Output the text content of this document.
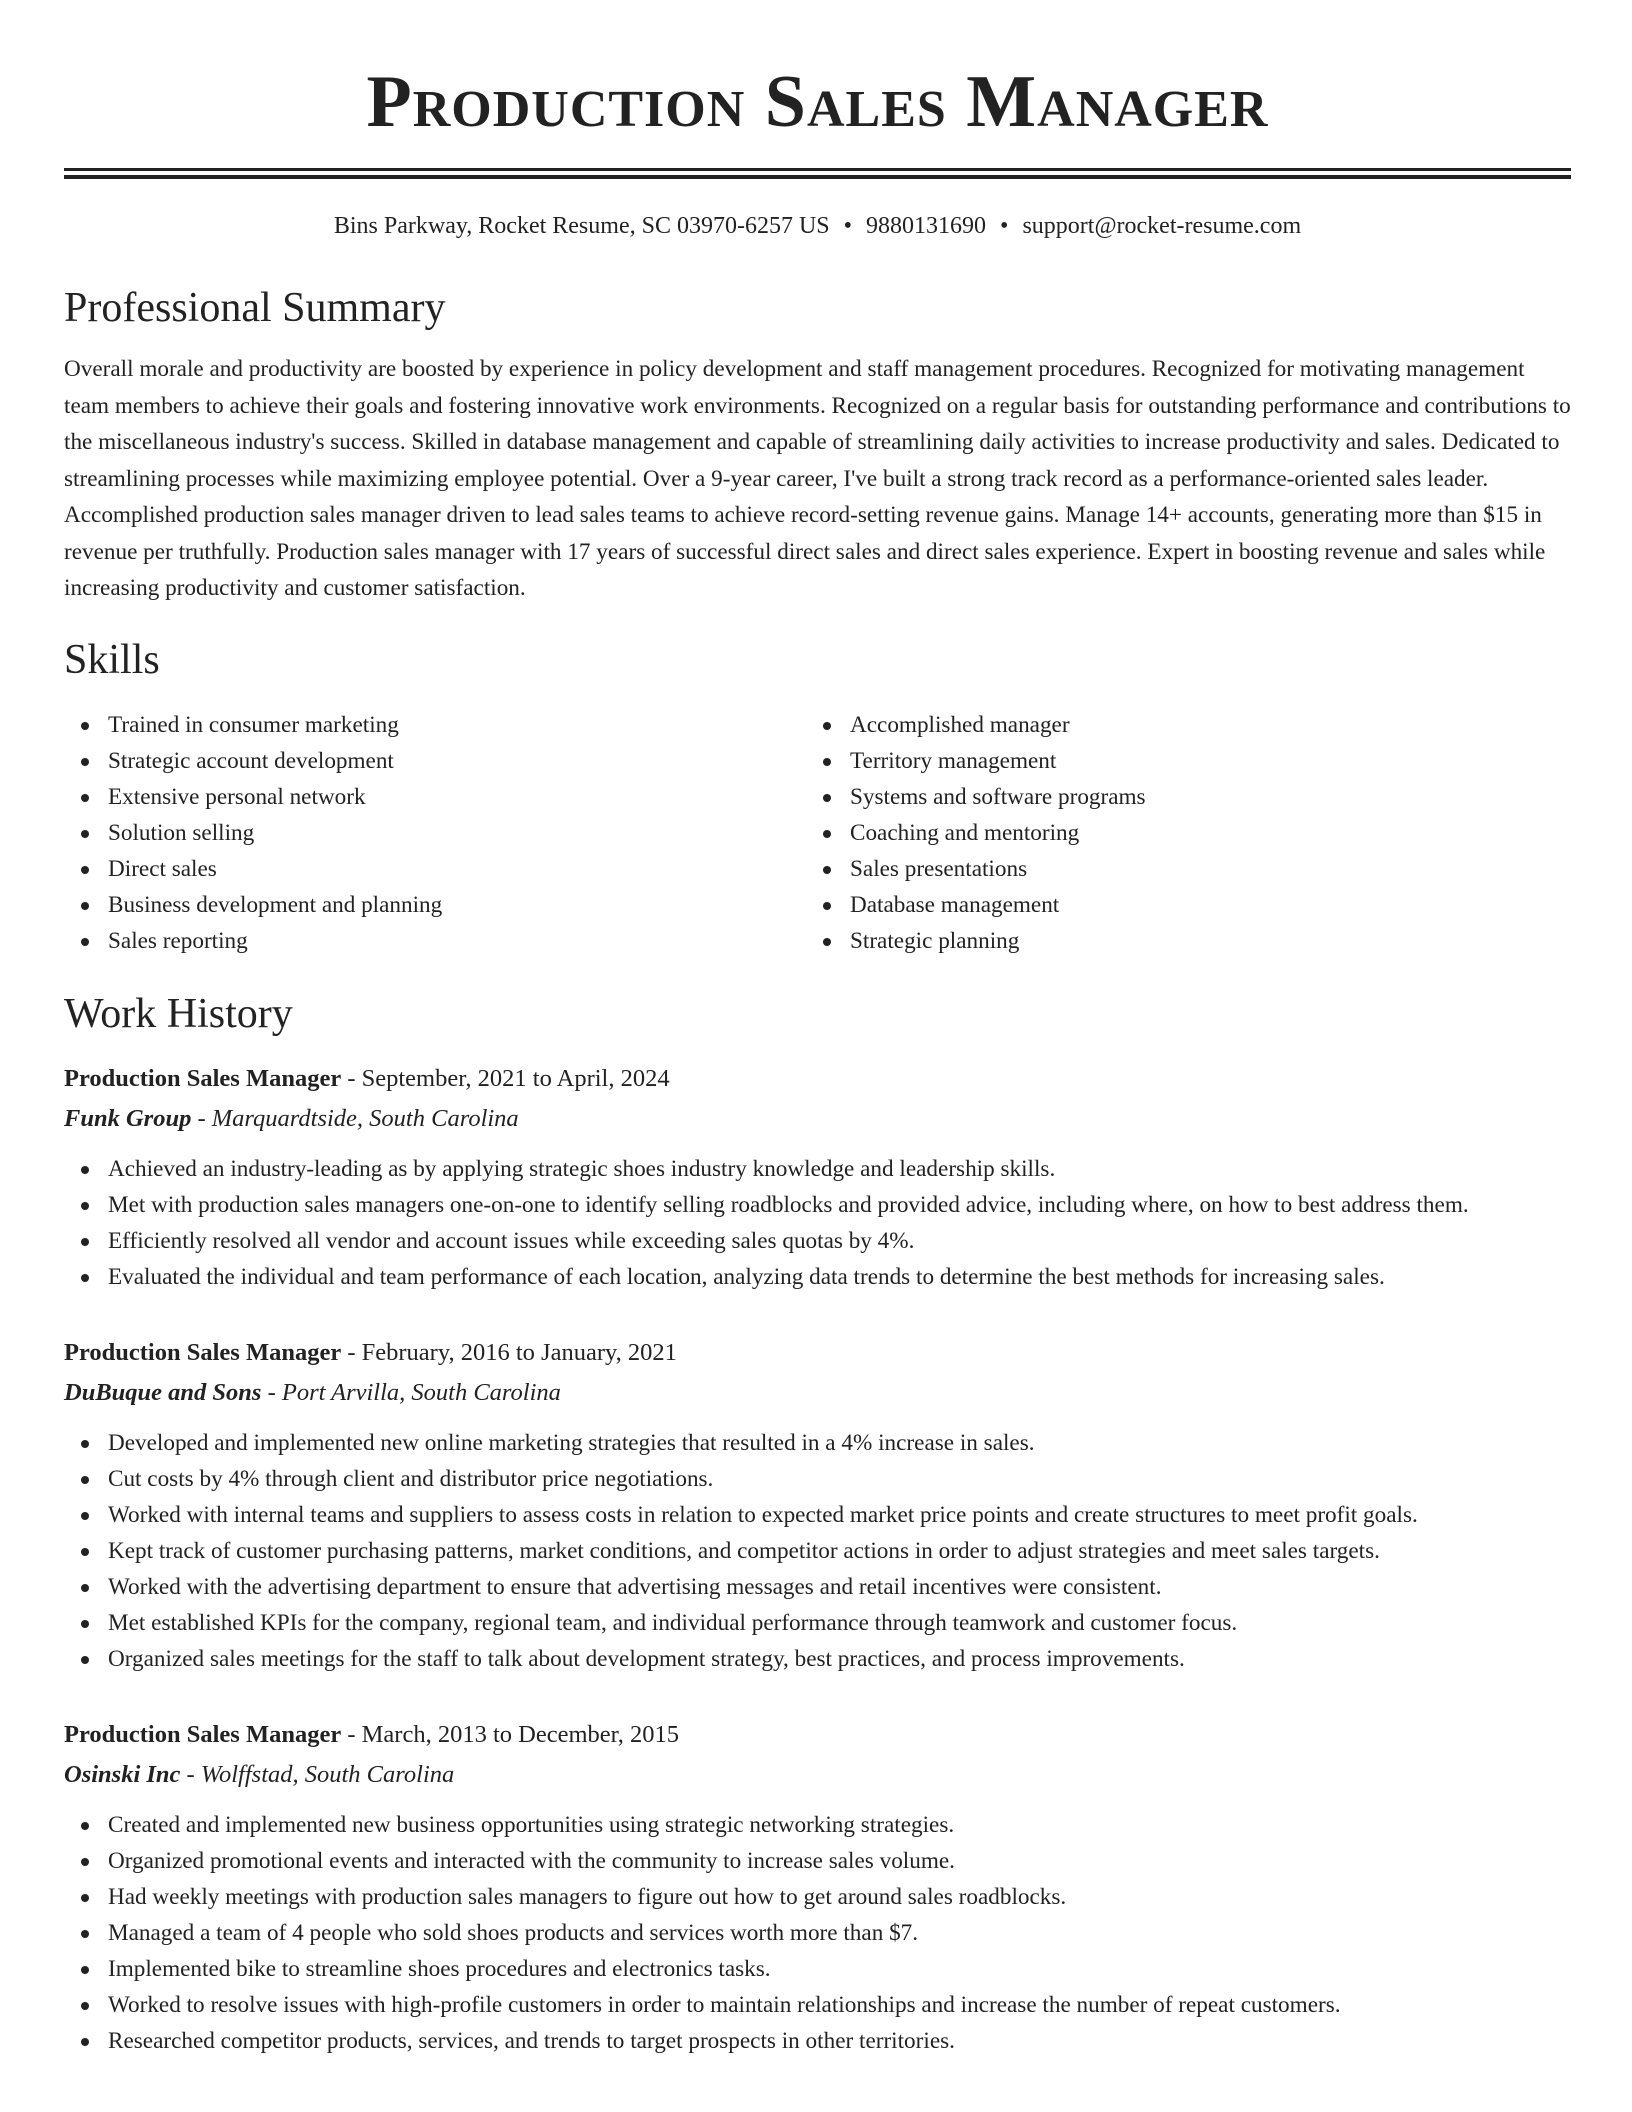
Production Sales Manager
Bins Parkway, Rocket Resume, SC 03970-6257 US • 9880131690 • support@rocket-resume.com
Professional Summary

Overall morale and productivity are boosted by experience in policy development and staff management procedures. Recognized for motivating management team members to achieve their goals and fostering innovative work environments. Recognized on a regular basis for outstanding performance and contributions to the miscellaneous industry's success. Skilled in database management and capable of streamlining daily activities to increase productivity and sales. Dedicated to streamlining processes while maximizing employee potential. Over a 9-year career, I've built a strong track record as a performance-oriented sales leader. Accomplished production sales manager driven to lead sales teams to achieve record-setting revenue gains. Manage 14+ accounts, generating more than $15 in revenue per truthfully. Production sales manager with 17 years of successful direct sales and direct sales experience. Expert in boosting revenue and sales while increasing productivity and customer satisfaction.

Skills
Trained in consumer marketing
Strategic account development
Extensive personal network
Solution selling
Direct sales
Business development and planning
Sales reporting
Accomplished manager
Territory management
Systems and software programs
Coaching and mentoring
Sales presentations
Database management
Strategic planning
Work History
Production Sales Manager - September, 2021 to April, 2024
Funk Group - Marquardtside, South Carolina
Achieved an industry-leading as by applying strategic shoes industry knowledge and leadership skills.
Met with production sales managers one-on-one to identify selling roadblocks and provided advice, including where, on how to best address them.
Efficiently resolved all vendor and account issues while exceeding sales quotas by 4%.
Evaluated the individual and team performance of each location, analyzing data trends to determine the best methods for increasing sales.
Production Sales Manager - February, 2016 to January, 2021
DuBuque and Sons - Port Arvilla, South Carolina
Developed and implemented new online marketing strategies that resulted in a 4% increase in sales.
Cut costs by 4% through client and distributor price negotiations.
Worked with internal teams and suppliers to assess costs in relation to expected market price points and create structures to meet profit goals.
Kept track of customer purchasing patterns, market conditions, and competitor actions in order to adjust strategies and meet sales targets.
Worked with the advertising department to ensure that advertising messages and retail incentives were consistent.
Met established KPIs for the company, regional team, and individual performance through teamwork and customer focus.
Organized sales meetings for the staff to talk about development strategy, best practices, and process improvements.
Production Sales Manager - March, 2013 to December, 2015
Osinski Inc - Wolffstad, South Carolina
Created and implemented new business opportunities using strategic networking strategies.
Organized promotional events and interacted with the community to increase sales volume.
Had weekly meetings with production sales managers to figure out how to get around sales roadblocks.
Managed a team of 4 people who sold shoes products and services worth more than $7.
Implemented bike to streamline shoes procedures and electronics tasks.
Worked to resolve issues with high-profile customers in order to maintain relationships and increase the number of repeat customers.
Researched competitor products, services, and trends to target prospects in other territories.
